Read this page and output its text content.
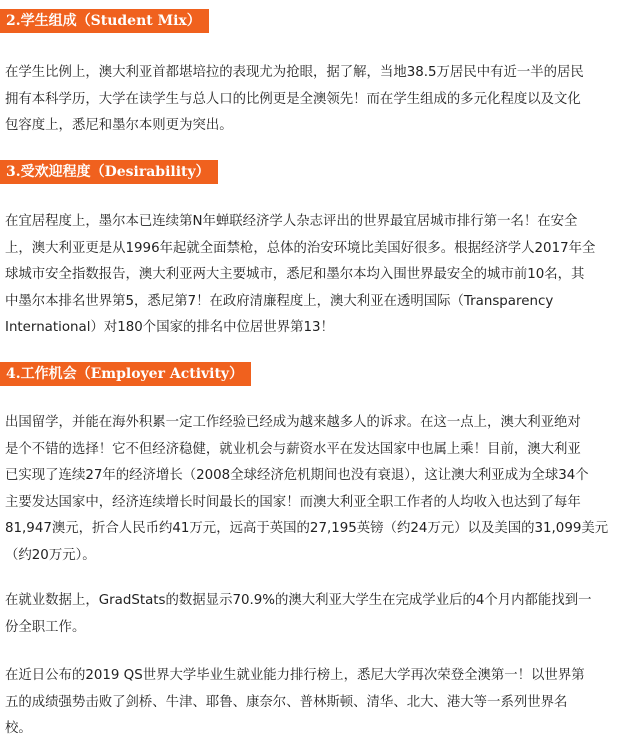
2.学生组成（Student Mix）
在学生比例上，澳大利亚首都堪培拉的表现尤为抢眼，据了解，当地38.5万居民中有近一半的居民
拥有本科学历，大学在读学生与总人口的比例更是全澳领先！而在学生组成的多元化程度以及文化
包容度上，悉尼和墨尔本则更为突出。
3.受欢迎程度（Desirability）
在宜居程度上，墨尔本已连续第N年蝉联经济学人杂志评出的世界最宜居城市排行第一名！在安全
上，澳大利亚更是从1996年起就全面禁枪，总体的治安环境比美国好很多。根据经济学人2017年全
球城市安全指数报告，澳大利亚两大主要城市，悉尼和墨尔本均入围世界最安全的城市前10名，其
中墨尔本排名世界第5，悉尼第7！在政府清廉程度上，澳大利亚在透明国际（Transparency
International）对180个国家的排名中位居世界第13！
4.工作机会（Employer Activity）
出国留学，并能在海外积累一定工作经验已经成为越来越多人的诉求。在这一点上，澳大利亚绝对
是个不错的选择！它不但经济稳健，就业机会与薪资水平在发达国家中也属上乘！目前，澳大利亚
已实现了连续27年的经济增长（2008全球经济危机期间也没有衰退），这让澳大利亚成为全球34个
主要发达国家中，经济连续增长时间最长的国家！而澳大利亚全职工作者的人均收入也达到了每年
81,947澳元，折合人民币约41万元，远高于英国的27,195英镑（约24万元）以及美国的31,099美元
（约20万元）。
在就业数据上，GradStats的数据显示70.9%的澳大利亚大学生在完成学业后的4个月内都能找到一
份全职工作。
在近日公布的2019 QS世界大学毕业生就业能力排行榜上，悉尼大学再次荣登全澳第一！以世界第
五的成绩强势击败了剑桥、牛津、耶鲁、康奈尔、普林斯顿、清华、北大、港大等一系列世界名
校。
